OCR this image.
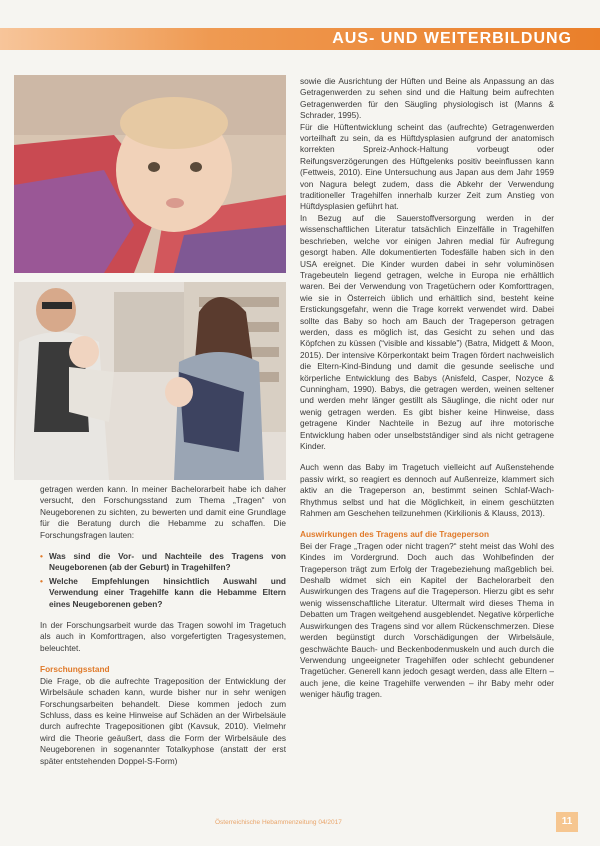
AUS- UND WEITERBILDUNG

getragen werden kann. In meiner Bachelorarbeit habe ich daher versucht, den Forschungsstand zum Thema „Tragen“ von Neugeborenen zu sichten, zu bewerten und damit eine Grundlage für die Beratung durch die Hebamme zu schaffen. Die Forschungsfragen lauten:

• Was sind die Vor- und Nachteile des Tragens von Neugeborenen (ab der Geburt) in Tragehilfen?
• Welche Empfehlungen hinsichtlich Auswahl und Verwendung einer Tragehilfe kann die Hebamme Eltern eines Neugeborenen geben?

In der Forschungsarbeit wurde das Tragen sowohl im Tragetuch als auch in Komforttragen, also vorgefertigten Tragesystemen, beleuchtet.

Forschungsstand

Die Frage, ob die aufrechte Trageposition der Entwicklung der Wirbelsäule schaden kann, wurde bisher nur in sehr wenigen Forschungsarbeiten behandelt. Diese kommen jedoch zum Schluss, dass es keine Hinweise auf Schäden an der Wirbelsäule durch aufrechte Tragepositionen gibt (Kavsuk, 2010). Vielmehr wird die Theorie geäußert, dass die Form der Wirbelsäule des Neugeborenen in sogenannter Totalkyphose (anstatt der erst später entstehenden Doppel-S-Form)

sowie die Ausrichtung der Hüften und Beine als Anpassung an das Getragenwerden zu sehen sind und die Haltung beim aufrechten Getragenwerden für den Säugling physiologisch ist (Manns & Schrader, 1995).

Für die Hüftentwicklung scheint das (aufrechte) Getragenwerden vorteilhaft zu sein, da es Hüftdysplasien aufgrund der anatomisch korrekten Spreiz-Anhock-Haltung vorbeugt oder Reifungsverzögerungen des Hüftgelenks positiv beeinflussen kann (Fettweis, 2010). Eine Untersuchung aus Japan aus dem Jahr 1959 von Nagura belegt zudem, dass die Abkehr der Verwendung traditioneller Tragehilfen innerhalb kurzer Zeit zum Anstieg von Hüftdysplasien geführt hat.

In Bezug auf die Sauerstoffversorgung werden in der wissenschaftlichen Literatur tatsächlich Einzelfälle in Tragehilfen beschrieben, welche vor einigen Jahren medial für Aufregung gesorgt haben. Alle dokumentierten Todesfälle haben sich in den USA ereignet. Die Kinder wurden dabei in sehr voluminösen Tragebeuteln liegend getragen, welche in Europa nie erhältlich waren. Bei der Verwendung von Tragetüchern oder Komforttragen, wie sie in Österreich üblich und erhältlich sind, besteht keine Erstickungsgefahr, wenn die Trage korrekt verwendet wird. Dabei sollte das Baby so hoch am Bauch der Trageperson getragen werden, dass es möglich ist, das Gesicht zu sehen und das Köpfchen zu küssen (“visible and kissable”) (Batra, Midgett & Moon, 2015). Der intensive Körperkontakt beim Tragen fördert nachweislich die Eltern-Kind-Bindung und damit die gesunde seelische und körperliche Entwicklung des Babys (Anisfeld, Casper, Nozyce & Cunningham, 1990). Babys, die getragen werden, weinen seltener und werden mehr länger gestillt als Säuglinge, die nicht oder nur wenig getragen werden. Es gibt bisher keine Hinweise, dass getragene Kinder Nachteile in Bezug auf ihre motorische Entwicklung haben oder unselbstständiger sind als nicht getragene Kinder.

Auch wenn das Baby im Tragetuch vielleicht auf Außenstehende passiv wirkt, so reagiert es dennoch auf Außenreize, klammert sich aktiv an die Trageperson an, bestimmt seinen Schlaf-Wach-Rhythmus selbst und hat die Möglichkeit, in einem geschützten Rahmen am Geschehen teilzunehmen (Kirkilionis & Klauss, 2013).

Auswirkungen des Tragens auf die Trageperson

Bei der Frage „Tragen oder nicht tragen?“ steht meist das Wohl des Kindes im Vordergrund. Doch auch das Wohlbefinden der Trageperson trägt zum Erfolg der Tragebeziehung maßgeblich bei. Deshalb widmet sich ein Kapitel der Bachelorarbeit den Auswirkungen des Tragens auf die Trageperson. Hierzu gibt es sehr wenig wissenschaftliche Literatur. Ultermalt wird dieses Thema in Debatten um Tragen weitgehend ausgeblendet. Negative körperliche Auswirkungen des Tragens sind vor allem Rückenschmerzen. Diese werden begünstigt durch Vorschädigungen der Wirbelsäule, geschwächte Bauch- und Beckenbodenmuskeln und auch durch die Verwendung ungeeigneter Tragehilfen oder schlecht gebundener Tragetücher. Generell kann jedoch gesagt werden, dass alle Eltern – auch jene, die keine Tragehilfe verwenden – ihr Baby mehr oder weniger häufig tragen.

Österreichische Hebammenzeitung 04/2017	11
